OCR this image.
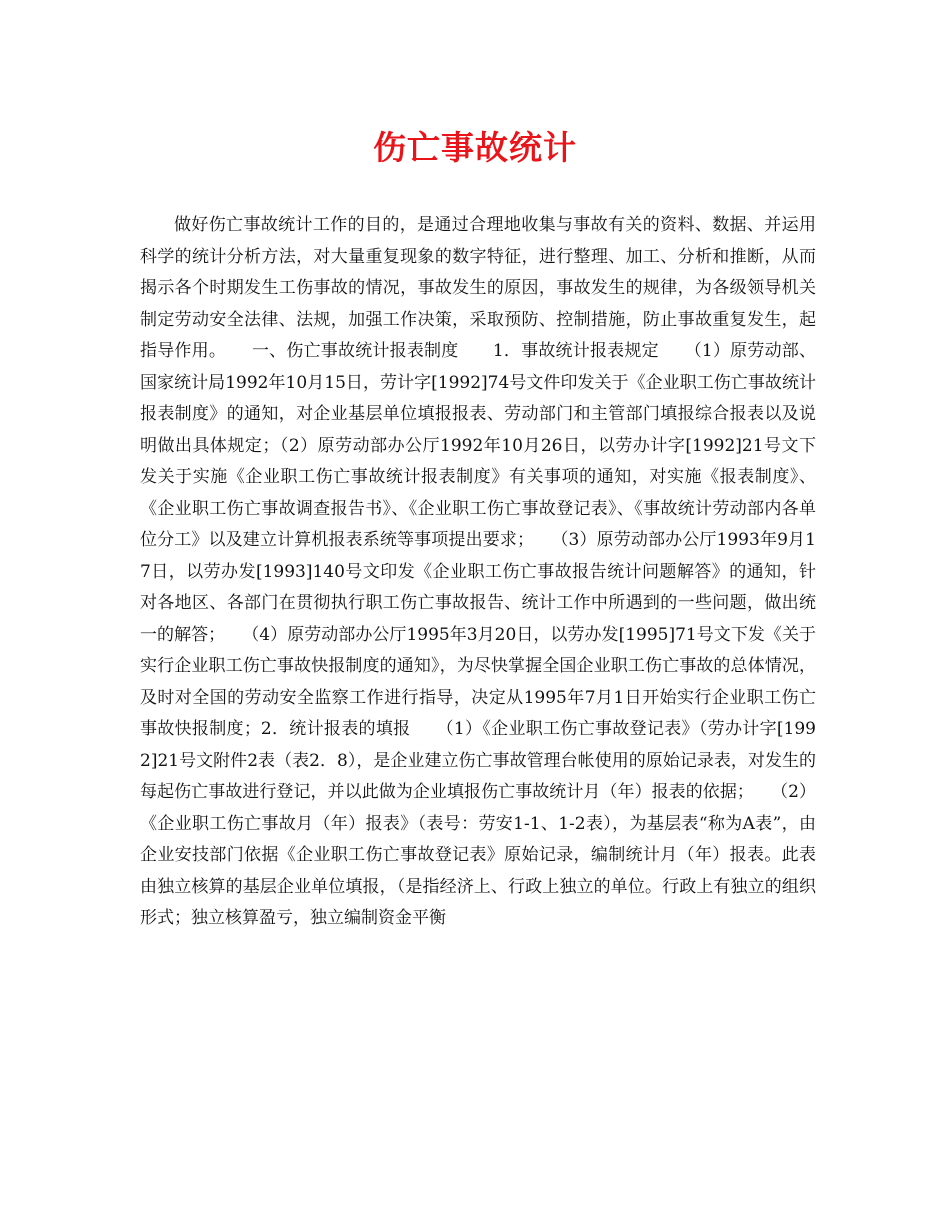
伤亡事故统计

做好伤亡事故统计工作的目的，是通过合理地收集与事故有关的资料、数据、并运用科学的统计分析方法，对大量重复现象的数字特征，进行整理、加工、分析和推断，从而揭示各个时期发生工伤事故的情况，事故发生的原因，事故发生的规律，为各级领导机关制定劳动安全法律、法规，加强工作决策，采取预防、控制措施，防止事故重复发生，起指导作用。　　一、伤亡事故统计报表制度　　1．事故统计报表规定　　（1）原劳动部、国家统计局1992年10月15日，劳计字[1992]74号文件印发关于《企业职工伤亡事故统计报表制度》的通知，对企业基层单位填报报表、劳动部门和主管部门填报综合报表以及说明做出具体规定；（2）原劳动部办公厅1992年10月26日，以劳办计字[1992]21号文下发关于实施《企业职工伤亡事故统计报表制度》有关事项的通知，对实施《报表制度》、《企业职工伤亡事故调查报告书》、《企业职工伤亡事故登记表》、《事故统计劳动部内各单位分工》以及建立计算机报表系统等事项提出要求；　　（3）原劳动部办公厅1993年9月17日，以劳办发[1993]140号文印发《企业职工伤亡事故报告统计问题解答》的通知，针对各地区、各部门在贯彻执行职工伤亡事故报告、统计工作中所遇到的一些问题，做出统一的解答；　　（4）原劳动部办公厅1995年3月20日，以劳办发[1995]71号文下发《关于实行企业职工伤亡事故快报制度的通知》，为尽快掌握全国企业职工伤亡事故的总体情况，及时对全国的劳动安全监察工作进行指导，决定从1995年7月1日开始实行企业职工伤亡事故快报制度；2．统计报表的填报　　（1）《企业职工伤亡事故登记表》（劳办计字[1992]21号文附件2表（表2．8），是企业建立伤亡事故管理台帐使用的原始记录表，对发生的每起伤亡事故进行登记，并以此做为企业填报伤亡事故统计月（年）报表的依据；　　（2）《企业职工伤亡事故月（年）报表》（表号：劳安1-1、1-2表），为基层表“称为A表”，由企业安技部门依据《企业职工伤亡事故登记表》原始记录，编制统计月（年）报表。此表由独立核算的基层企业单位填报，（是指经济上、行政上独立的单位。行政上有独立的组织形式；独立核算盈亏，独立编制资金平衡
